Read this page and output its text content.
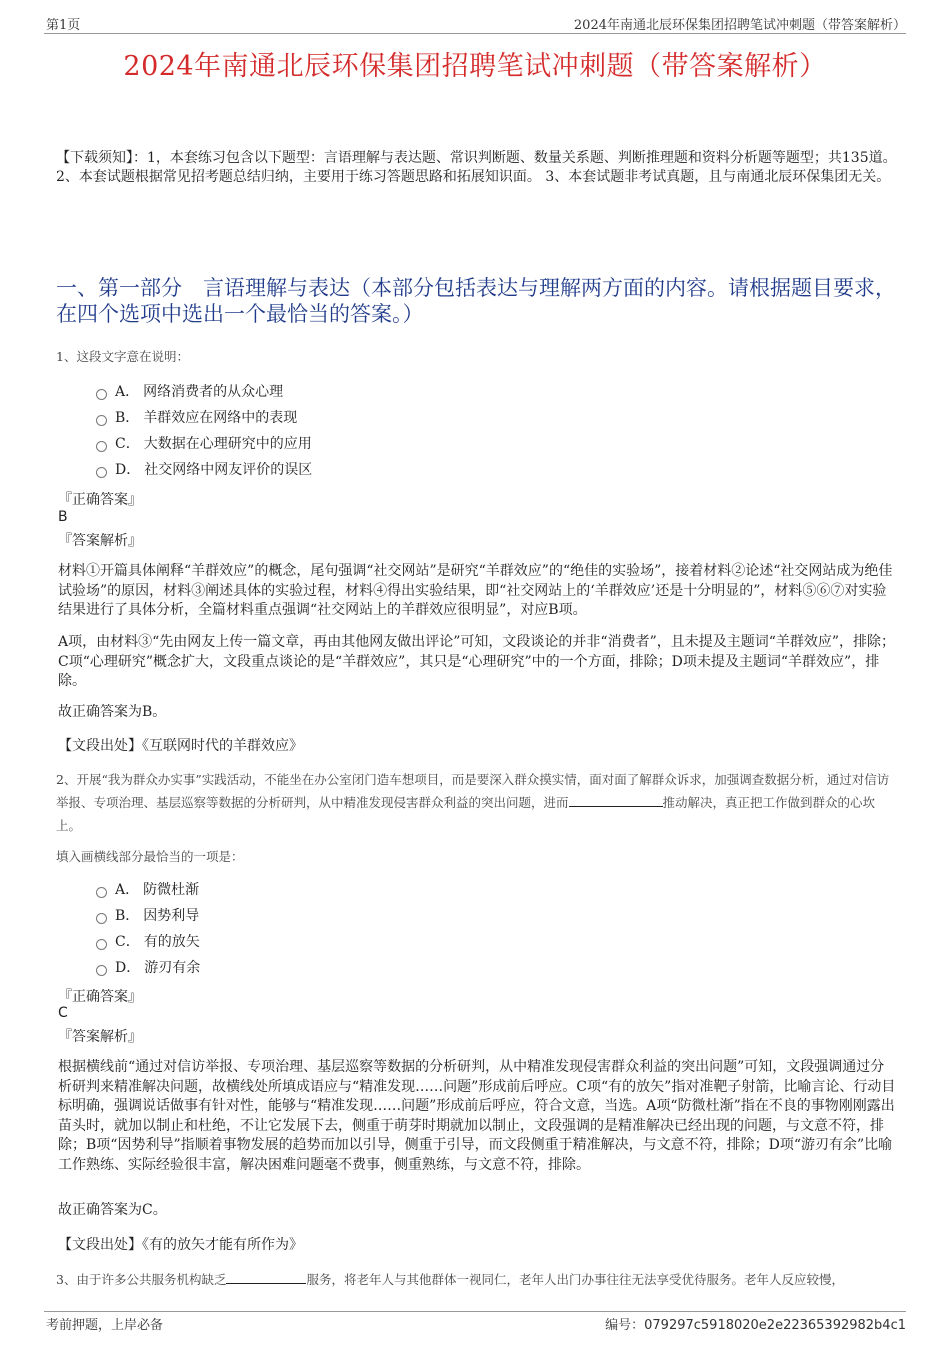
第1页	2024年南通北辰环保集团招聘笔试冲刺题（带答案解析）
2024年南通北辰环保集团招聘笔试冲刺题（带答案解析）
【下载须知】：1，本套练习包含以下题型：言语理解与表达题、常识判断题、数量关系题、判断推理题和资料分析题等题型；共135道。 2、本套试题根据常见招考题总结归纳，主要用于练习答题思路和拓展知识面。 3、本套试题非考试真题，且与南通北辰环保集团无关。
一、第一部分　言语理解与表达（本部分包括表达与理解两方面的内容。请根据题目要求，在四个选项中选出一个最恰当的答案。）
1、这段文字意在说明：
A． 网络消费者的从众心理
B． 羊群效应在网络中的表现
C． 大数据在心理研究中的应用
D． 社交网络中网友评价的误区
『正确答案』
B
『答案解析』
材料①开篇具体阐释“羊群效应”的概念，尾句强调“社交网站”是研究“羊群效应”的“绝佳的实验场”，接着材料②论述“社交网站成为绝佳试验场”的原因，材料③阐述具体的实验过程，材料④得出实验结果，即“社交网站上的‘羊群效应’还是十分明显的”，材料⑤⑥⑦对实验结果进行了具体分析，全篇材料重点强调“社交网站上的羊群效应很明显”，对应B项。
A项，由材料③“先由网友上传一篇文章，再由其他网友做出评论”可知，文段谈论的并非“消费者”，且未提及主题词“羊群效应”，排除；C项“心理研究”概念扩大，文段重点谈论的是“羊群效应”，其只是“心理研究”中的一个方面，排除；D项未提及主题词“羊群效应”，排除。
故正确答案为B。
【文段出处】《互联网时代的羊群效应》
2、开展“我为群众办实事”实践活动，不能坐在办公室闭门造车想项目，而是要深入群众摸实情，面对面了解群众诉求，加强调查数据分析，通过对信访举报、专项治理、基层巡察等数据的分析研判，从中精准发现侵害群众利益的突出问题，进而	推动解决，真正把工作做到群众的心坎上。
填入画横线部分最恰当的一项是：
A． 防微杜渐
B． 因势利导
C． 有的放矢
D． 游刃有余
『正确答案』
C
『答案解析』
根据横线前“通过对信访举报、专项治理、基层巡察等数据的分析研判，从中精准发现侵害群众利益的突出问题”可知，文段强调通过分析研判来精准解决问题，故横线处所填成语应与“精准发现……问题”形成前后呼应。C项“有的放矢”指对准靶子射箭，比喻言论、行动目标明确，强调说话做事有针对性，能够与“精准发现……问题”形成前后呼应，符合文意，当选。A项“防微杜渐”指在不良的事物刚刚露出苗头时，就加以制止和杜绝，不让它发展下去，侧重于萌芽时期就加以制止，文段强调的是精准解决已经出现的问题，与文意不符，排除；B项“因势利导”指顺着事物发展的趋势而加以引导，侧重于引导，而文段侧重于精准解决，与文意不符，排除；D项“游刃有余”比喻工作熟练、实际经验很丰富，解决困难问题毫不费事，侧重熟练，与文意不符，排除。
故正确答案为C。
【文段出处】《有的放矢才能有所作为》
3、由于许多公共服务机构缺乏	服务，将老年人与其他群体一视同仁，老年人出门办事往往无法享受优待服务。老年人反应较慢，
考前押题，上岸必备	编号：079297c5918020e2e22365392982b4c1
